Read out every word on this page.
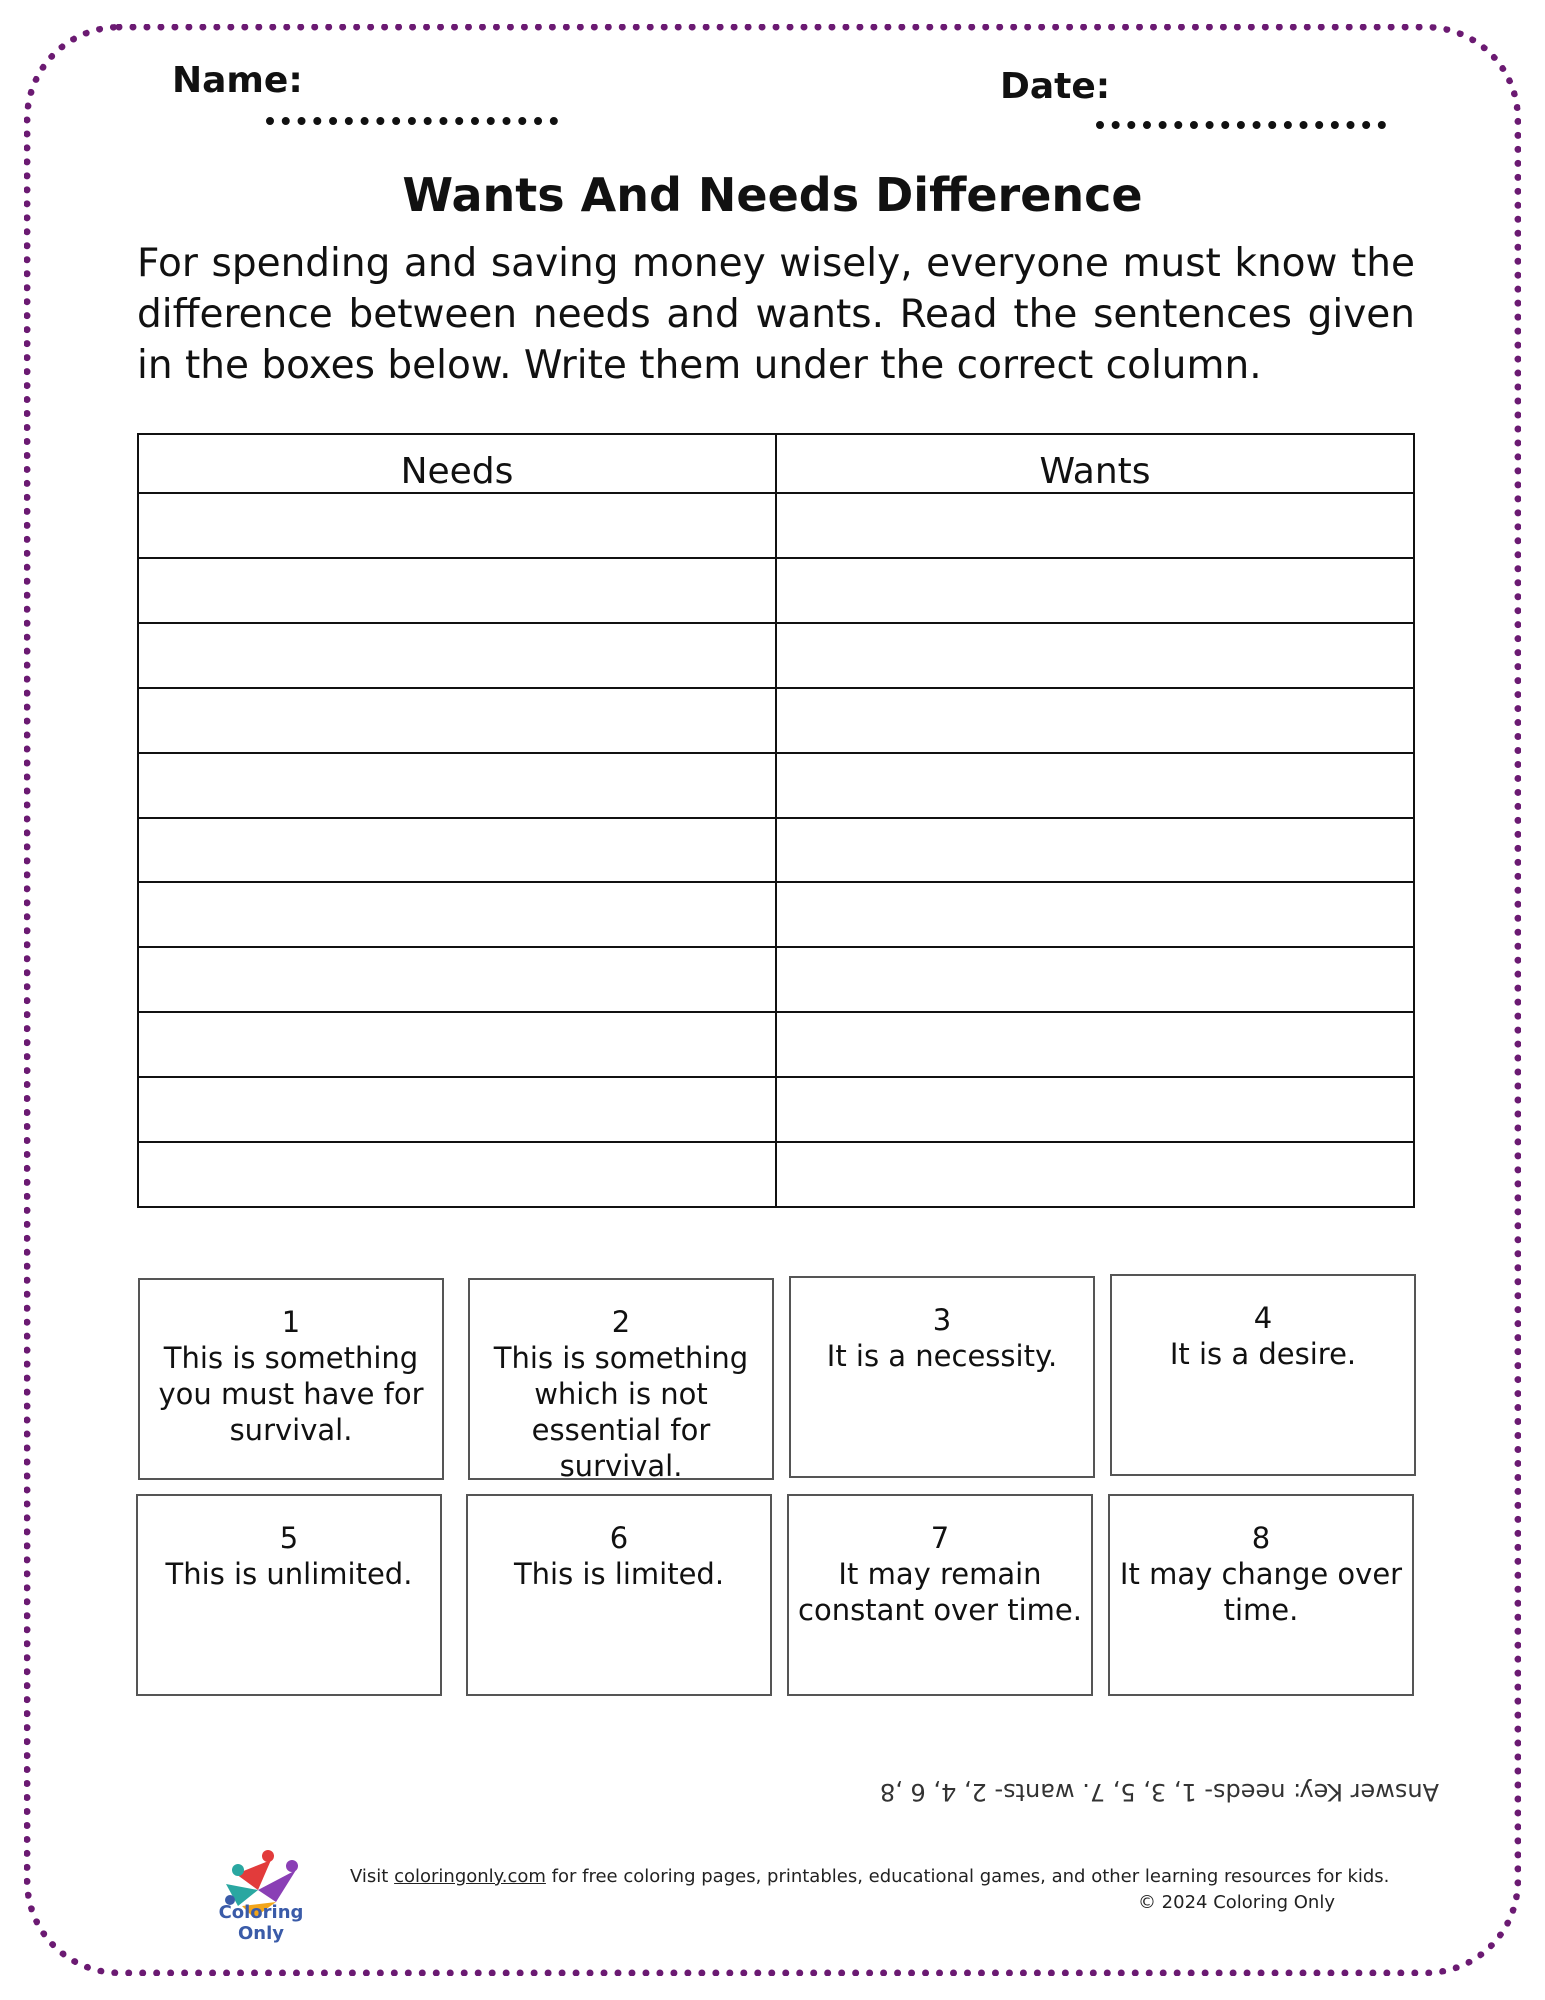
Name:	Date:
Wants And Needs Difference
For spending and saving money wisely, everyone must know the difference between needs and wants. Read the sentences given in the boxes below. Write them under the correct column.
Needs	Wants

1
This is something you must have for survival.
2
This is something which is not essential for survival.
3
It is a necessity.
4
It is a desire.
5
This is unlimited.
6
This is limited.
7
It may remain constant over time.
8
It may change over time.
Answer Key: needs- 1, 3, 5, 7. wants- 2, 4, 6 ,8
Coloring Only
Visit coloringonly.com for free coloring pages, printables, educational games, and other learning resources for kids.
© 2024 Coloring Only
